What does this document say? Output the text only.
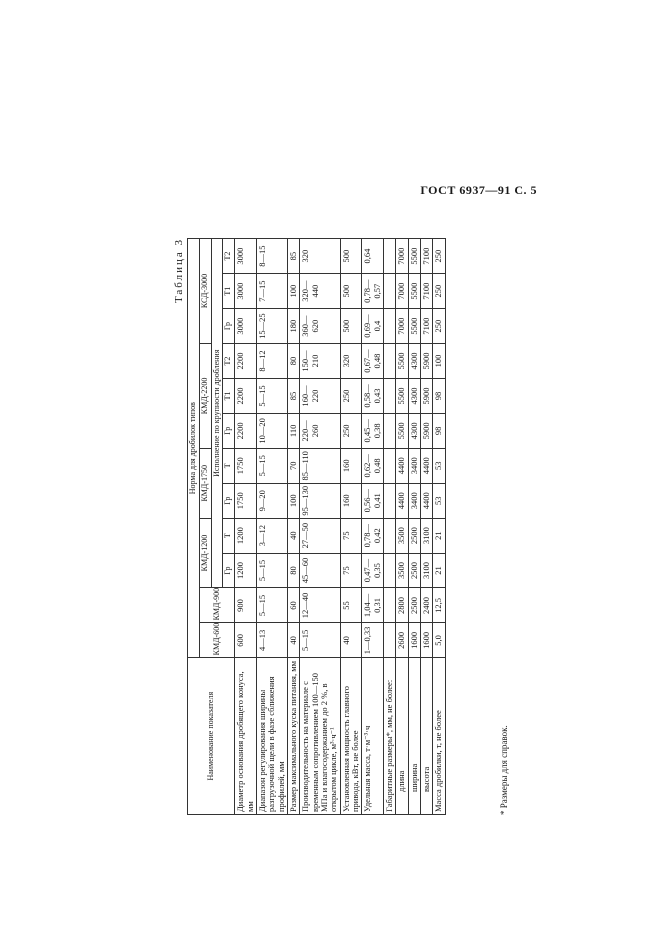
ГОСТ 6937—91 С. 5
Таблица 3
Наименование показателя	Норма для дробилок типов											
	КМД-600	КМД-900	КМД-1200		КМД-1750		КМД-2200			КСД-3000		
			Исполнение по крупности дробления									
			Гр	Т	Гр	Т	Гр	Т1	Т2	Гр	Т1	Т2
Диаметр основания дробящего конуса, мм	600	900	1200	1200	1750	1750	2200	2200	2200	3000	3000	3000
Диапазон регулирования ширины разгрузочной щели в фазе сближения профилей, мм	4—13	5—15	5—15	3—12	9—20	5—15	10—20	5—15	8—12	15—25	7—15	8—15
Размер максимального куска питания, мм	40	60	80	40	100	70	110	85	80	180	100	85
Производительность на материале с временным сопротивлением 100—150 МПа и влагосодержанием до 2 %, в открытом цикле, м³·ч⁻¹	5—15	12—40	45—60	27—50	95—130	85—110	220—260	160—220	150—210	360—620	320—440	320
Установленная мощность главного привода, кВт, не более	40	55	75	75	160	160	250	250	320	500	500	500
Удельная масса, т·м⁻³·ч	1—0,33	1,04—0,31	0,47—0,35	0,78—0,42	0,56—0,41	0,62—0,48	0,45—0,38	0,58—0,43	0,67—0,48	0,69—0,4	0,78—0,57	0,64
Габаритные размеры*, мм, не более:												
длина	2600	2800	3500	3500	4400	4400	5500	5500	5500	7000	7000	7000
ширина	1600	2500	2500	2500	3400	3400	4300	4300	4300	5500	5500	5500
высота	1600	2400	3100	3100	4400	4400	5900	5900	5900	7100	7100	7100
Масса дробилки, т, не более	5,0	12,5	21	21	53	53	98	98	100	250	250	250
* Размеры для справок.
